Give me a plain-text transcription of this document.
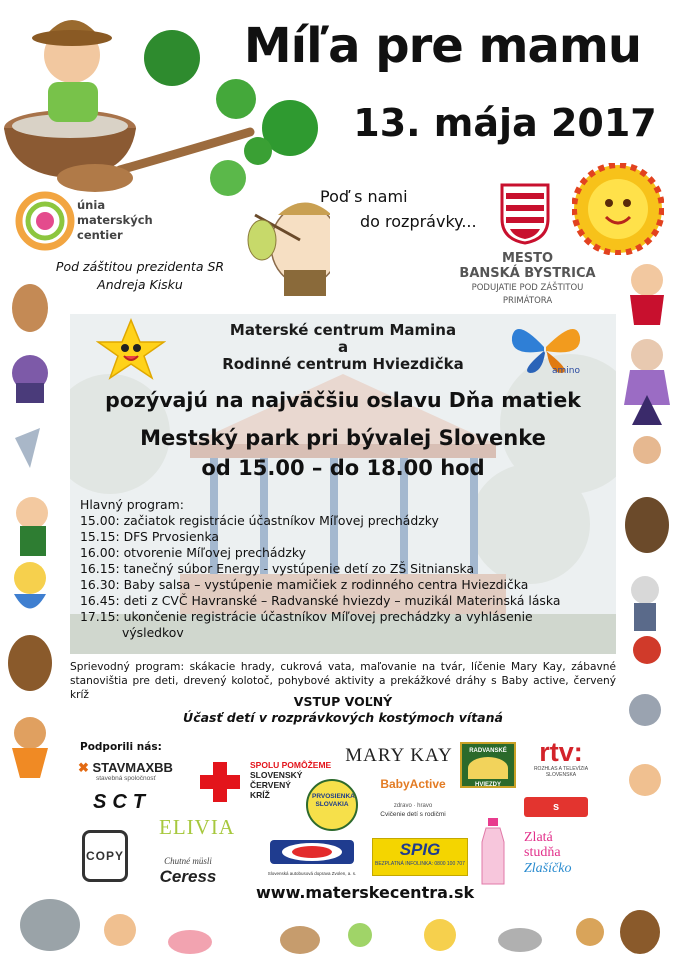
Míľa pre mamu
13. mája 2017
únia
materských
centier
Pod záštitou prezidenta SR
Andreja Kisku
Poď s nami
do rozprávky...
MESTO
BANSKÁ BYSTRICA
PODUJATIE POD ZÁŠTITOU
PRIMÁTORA
amino
Materské centrum Mamina
a
Rodinné centrum Hviezdička
pozývajú na najväčšiu oslavu Dňa matiek
Mestský park pri bývalej Slovenke
od 15.00 – do 18.00 hod
Hlavný program:
15.00: začiatok registrácie účastníkov Míľovej prechádzky
15.15: DFS Prvosienka
16.00: otvorenie Míľovej prechádzky
16.15: tanečný súbor Energy - vystúpenie detí zo ZŠ Sitnianska
16.30: Baby salsa – vystúpenie mamičiek z rodinného centra Hviezdička
16.45: deti z CVČ Havranské – Radvanské hviezdy – muzikál Materinská láska
17.15: ukončenie registrácie účastníkov Míľovej prechádzky a vyhlásenie
výsledkov
Sprievodný program: skákacie hrady, cukrová vata, maľovanie na tvár, líčenie Mary Kay, zábavné stanovištia pre deti, drevený kolotoč, pohybové aktivity a prekážkové dráhy s Baby active, červený kríž	VSTUP VOĽNÝ
Účasť detí v rozprávkových kostýmoch vítaná
Podporili nás:
✖ STAVMAXBB
stavebná spoločnosť
SPOLU POMÔŽEME
SLOVENSKÝ
ČERVENÝ
KRÍŽ
MARY KAY	RADVANSKÉ
HVIEZDY
rtv:
ROZHLAS A TELEVÍZIA SLOVENSKA
SCT
ELIVIA
PRVOSIENKA SLOVAKIA
BabyActive
zdravo · hravo
Cvičenie detí s rodičmi
s detmi.com
COPY	Chutné müsli
Ceress	Slovenská autobusová doprava Zvolen, a. s.
SPIG
BEZPLATNÁ INFOLINKA: 0800 100 707
Zlatá
studňa
Zlašíčko
www.materskecentra.sk
